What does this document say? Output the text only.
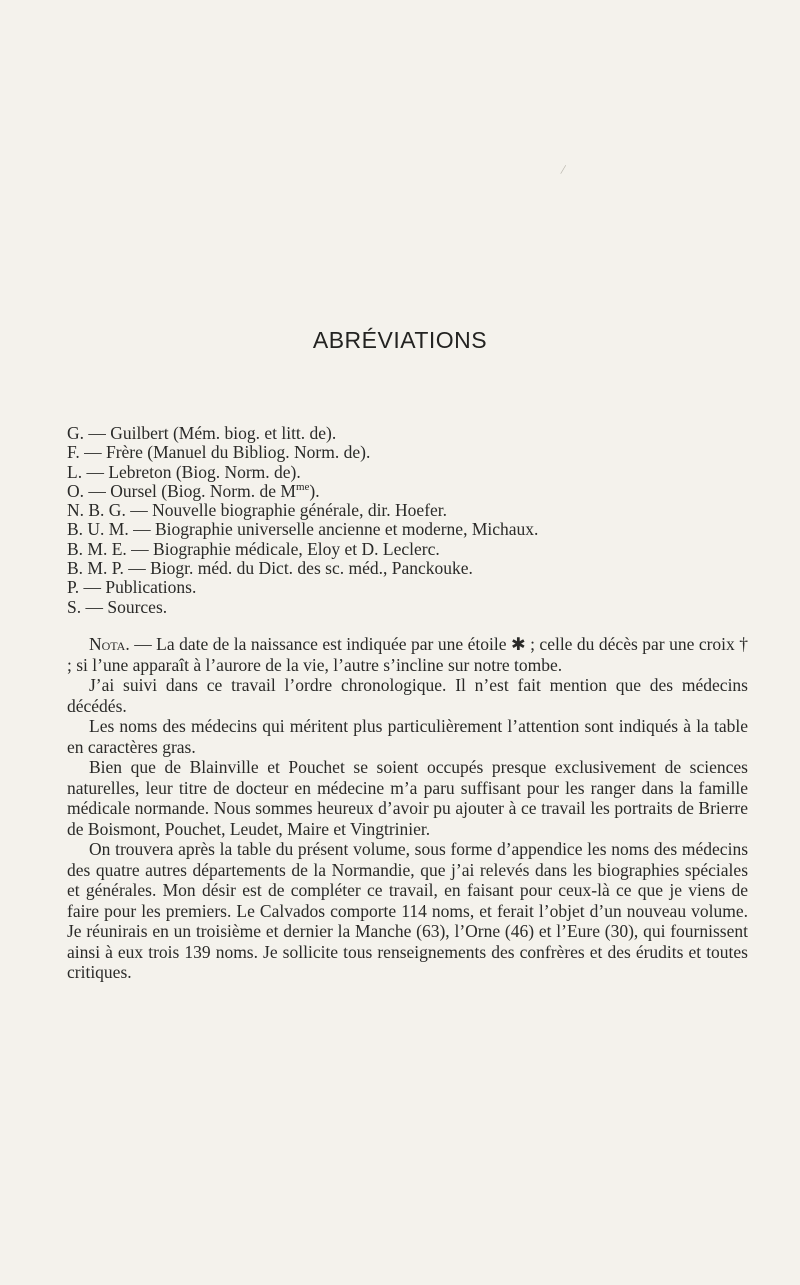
/
ABRÉVIATIONS
G. — Guilbert (Mém. biog. et litt. de).
F. — Frère (Manuel du Bibliog. Norm. de).
L. — Lebreton (Biog. Norm. de).
O. — Oursel (Biog. Norm. de $M^{me}$).
N. B. G. — Nouvelle biographie générale, dir. Hoefer.
B. U. M. — Biographie universelle ancienne et moderne, Michaux.
B. M. E. — Biographie médicale, Eloy et D. Leclerc.
B. M. P. — Biogr. méd. du Dict. des sc. méd., Panckouke.
P. — Publications.
S. — Sources.

Nota. — La date de la naissance est indiquée par une étoile ✱ ; celle du décès par une croix † ; si l’une apparaît à l’aurore de la vie, l’autre s’incline sur notre tombe.

J’ai suivi dans ce travail l’ordre chronologique. Il n’est fait mention que des médecins décédés.

Les noms des médecins qui méritent plus particulièrement l’attention sont indiqués à la table en caractères gras.

Bien que de Blainville et Pouchet se soient occupés presque exclusivement de sciences naturelles, leur titre de docteur en médecine m’a paru suffisant pour les ranger dans la famille médicale normande. Nous sommes heureux d’avoir pu ajouter à ce travail les portraits de Brierre de Boismont, Pouchet, Leudet, Maire et Vingtrinier.

On trouvera après la table du présent volume, sous forme d’appendice les noms des médecins des quatre autres départements de la Normandie, que j’ai relevés dans les biographies spéciales et générales. Mon désir est de compléter ce travail, en faisant pour ceux-là ce que je viens de faire pour les premiers. Le Calvados comporte 114 noms, et ferait l’objet d’un nouveau volume. Je réunirais en un troisième et dernier la Manche (63), l’Orne (46) et l’Eure (30), qui fournissent ainsi à eux trois 139 noms. Je sollicite tous renseignements des confrères et des érudits et toutes critiques.
